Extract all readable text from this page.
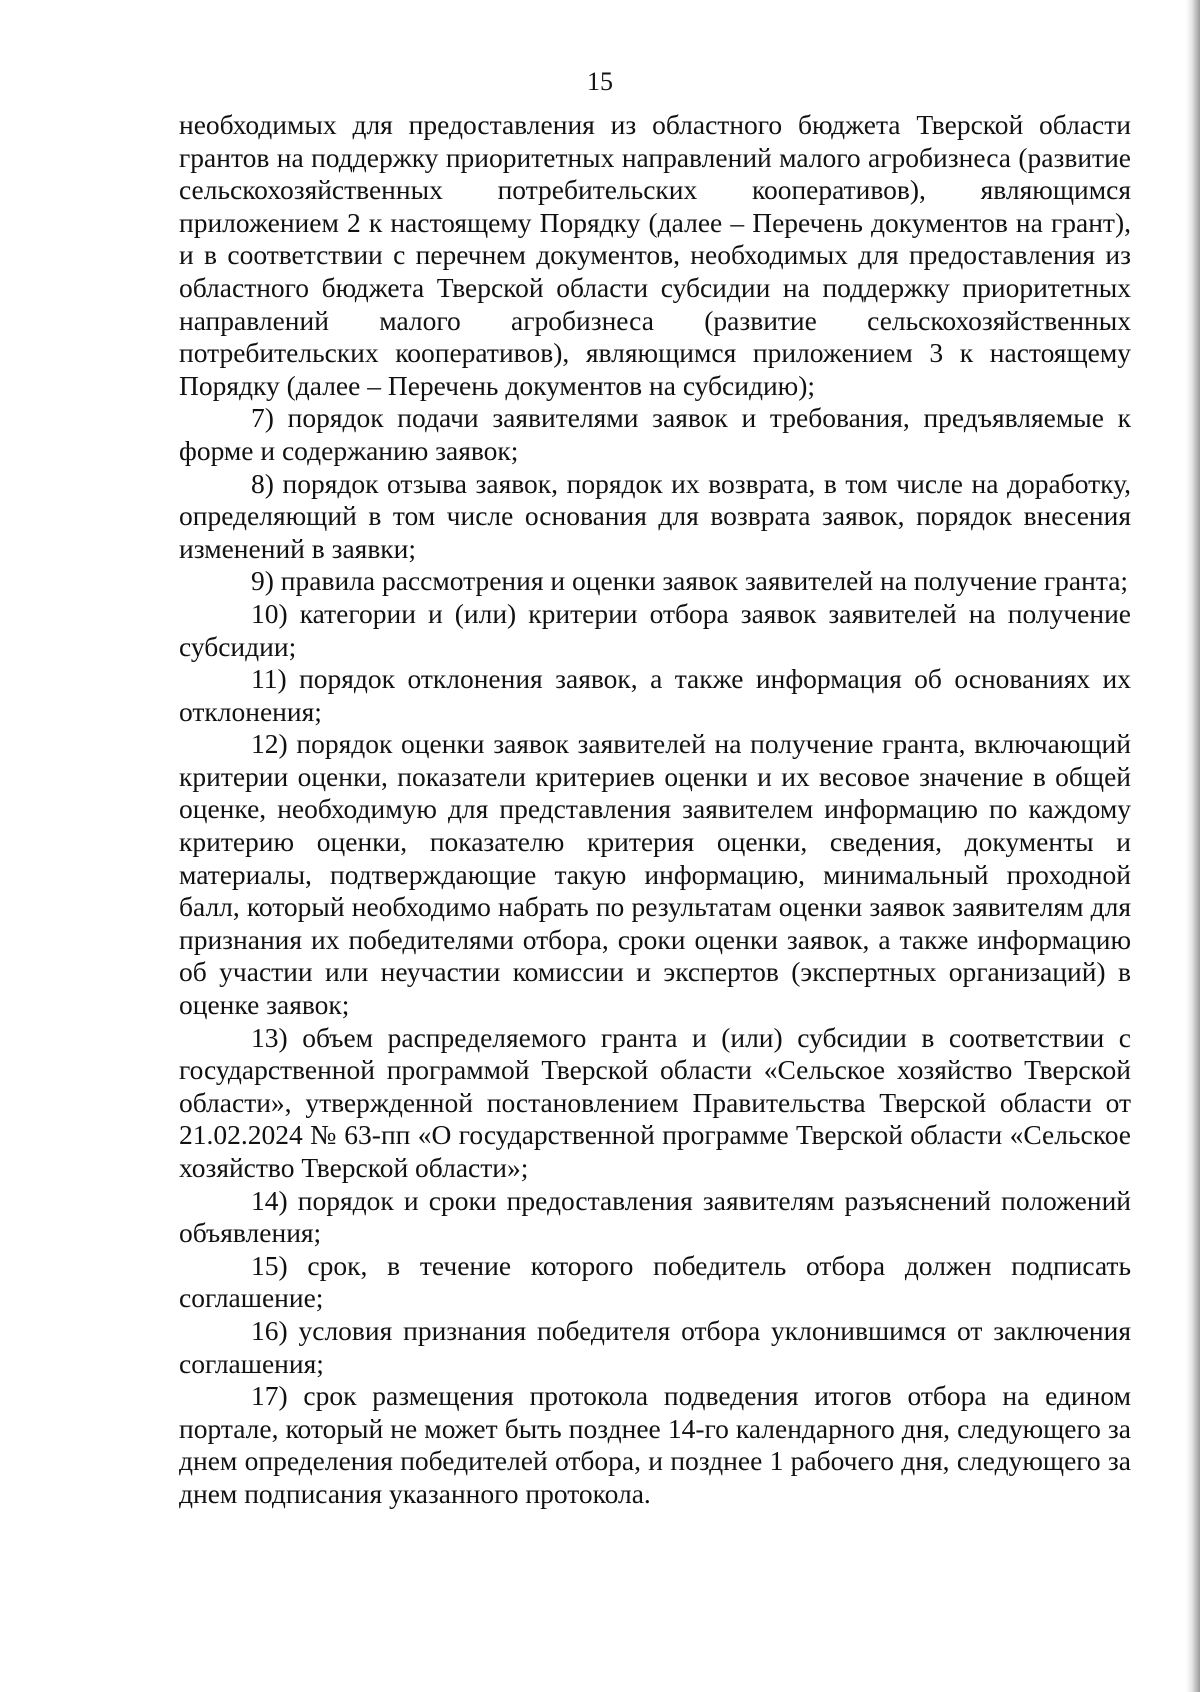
15

необходимых для предоставления из областного бюджета Тверской области грантов на поддержку приоритетных направлений малого агробизнеса (развитие сельскохозяйственных потребительских кооперативов), являющимся приложением 2 к настоящему Порядку (далее – Перечень документов на грант), и в соответствии с перечнем документов, необходимых для предоставления из областного бюджета Тверской области субсидии на поддержку приоритетных направлений малого агробизнеса (развитие сельскохозяйственных потребительских кооперативов), являющимся приложением 3 к настоящему Порядку (далее – Перечень документов на субсидию);

7) порядок подачи заявителями заявок и требования, предъявляемые к форме и содержанию заявок;

8) порядок отзыва заявок, порядок их возврата, в том числе на доработку, определяющий в том числе основания для возврата заявок, порядок внесения изменений в заявки;

9) правила рассмотрения и оценки заявок заявителей на получение гранта;

10) категории и (или) критерии отбора заявок заявителей на получение субсидии;

11) порядок отклонения заявок, а также информация об основаниях их отклонения;

12) порядок оценки заявок заявителей на получение гранта, включающий критерии оценки, показатели критериев оценки и их весовое значение в общей оценке, необходимую для представления заявителем информацию по каждому критерию оценки, показателю критерия оценки, сведения, документы и материалы, подтверждающие такую информацию, минимальный проходной балл, который необходимо набрать по результатам оценки заявок заявителям для признания их победителями отбора, сроки оценки заявок, а также информацию об участии или неучастии комиссии и экспертов (экспертных организаций) в оценке заявок;

13) объем распределяемого гранта и (или) субсидии в соответствии с государственной программой Тверской области «Сельское хозяйство Тверской области», утвержденной постановлением Правительства Тверской области от 21.02.2024 № 63-пп «О государственной программе Тверской области «Сельское хозяйство Тверской области»;

14) порядок и сроки предоставления заявителям разъяснений положений объявления;

15) срок, в течение которого победитель отбора должен подписать соглашение;

16) условия признания победителя отбора уклонившимся от заключения соглашения;

17) срок размещения протокола подведения итогов отбора на едином портале, который не может быть позднее 14-го календарного дня, следующего за днем определения победителей отбора, и позднее 1 рабочего дня, следующего за днем подписания указанного протокола.
